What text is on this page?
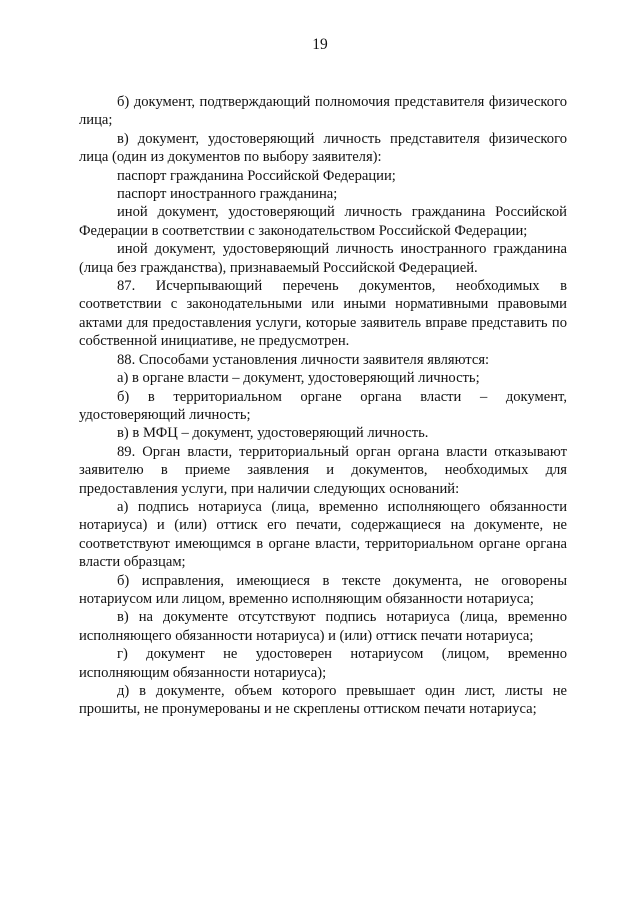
19

б) документ, подтверждающий полномочия представителя физического лица;

в) документ, удостоверяющий личность представителя физического лица (один из документов по выбору заявителя):

паспорт гражданина Российской Федерации;

паспорт иностранного гражданина;

иной документ, удостоверяющий личность гражданина Российской Федерации в соответствии с законодательством Российской Федерации;

иной документ, удостоверяющий личность иностранного гражданина (лица без гражданства), признаваемый Российской Федерацией.

87. Исчерпывающий перечень документов, необходимых в соответствии с законодательными или иными нормативными правовыми актами для предоставления услуги, которые заявитель вправе представить по собственной инициативе, не предусмотрен.

88. Способами установления личности заявителя являются:

а) в органе власти – документ, удостоверяющий личность;

б) в территориальном органе органа власти – документ, удостоверяющий личность;

в) в МФЦ – документ, удостоверяющий личность.

89. Орган власти, территориальный орган органа власти отказывают заявителю в приеме заявления и документов, необходимых для предоставления услуги, при наличии следующих оснований:

а) подпись нотариуса (лица, временно исполняющего обязанности нотариуса) и (или) оттиск его печати, содержащиеся на документе, не соответствуют имеющимся в органе власти, территориальном органе органа власти образцам;

б) исправления, имеющиеся в тексте документа, не оговорены нотариусом или лицом, временно исполняющим обязанности нотариуса;

в) на документе отсутствуют подпись нотариуса (лица, временно исполняющего обязанности нотариуса) и (или) оттиск печати нотариуса;

г) документ не удостоверен нотариусом (лицом, временно исполняющим обязанности нотариуса);

д) в документе, объем которого превышает один лист, листы не прошиты, не пронумерованы и не скреплены оттиском печати нотариуса;
